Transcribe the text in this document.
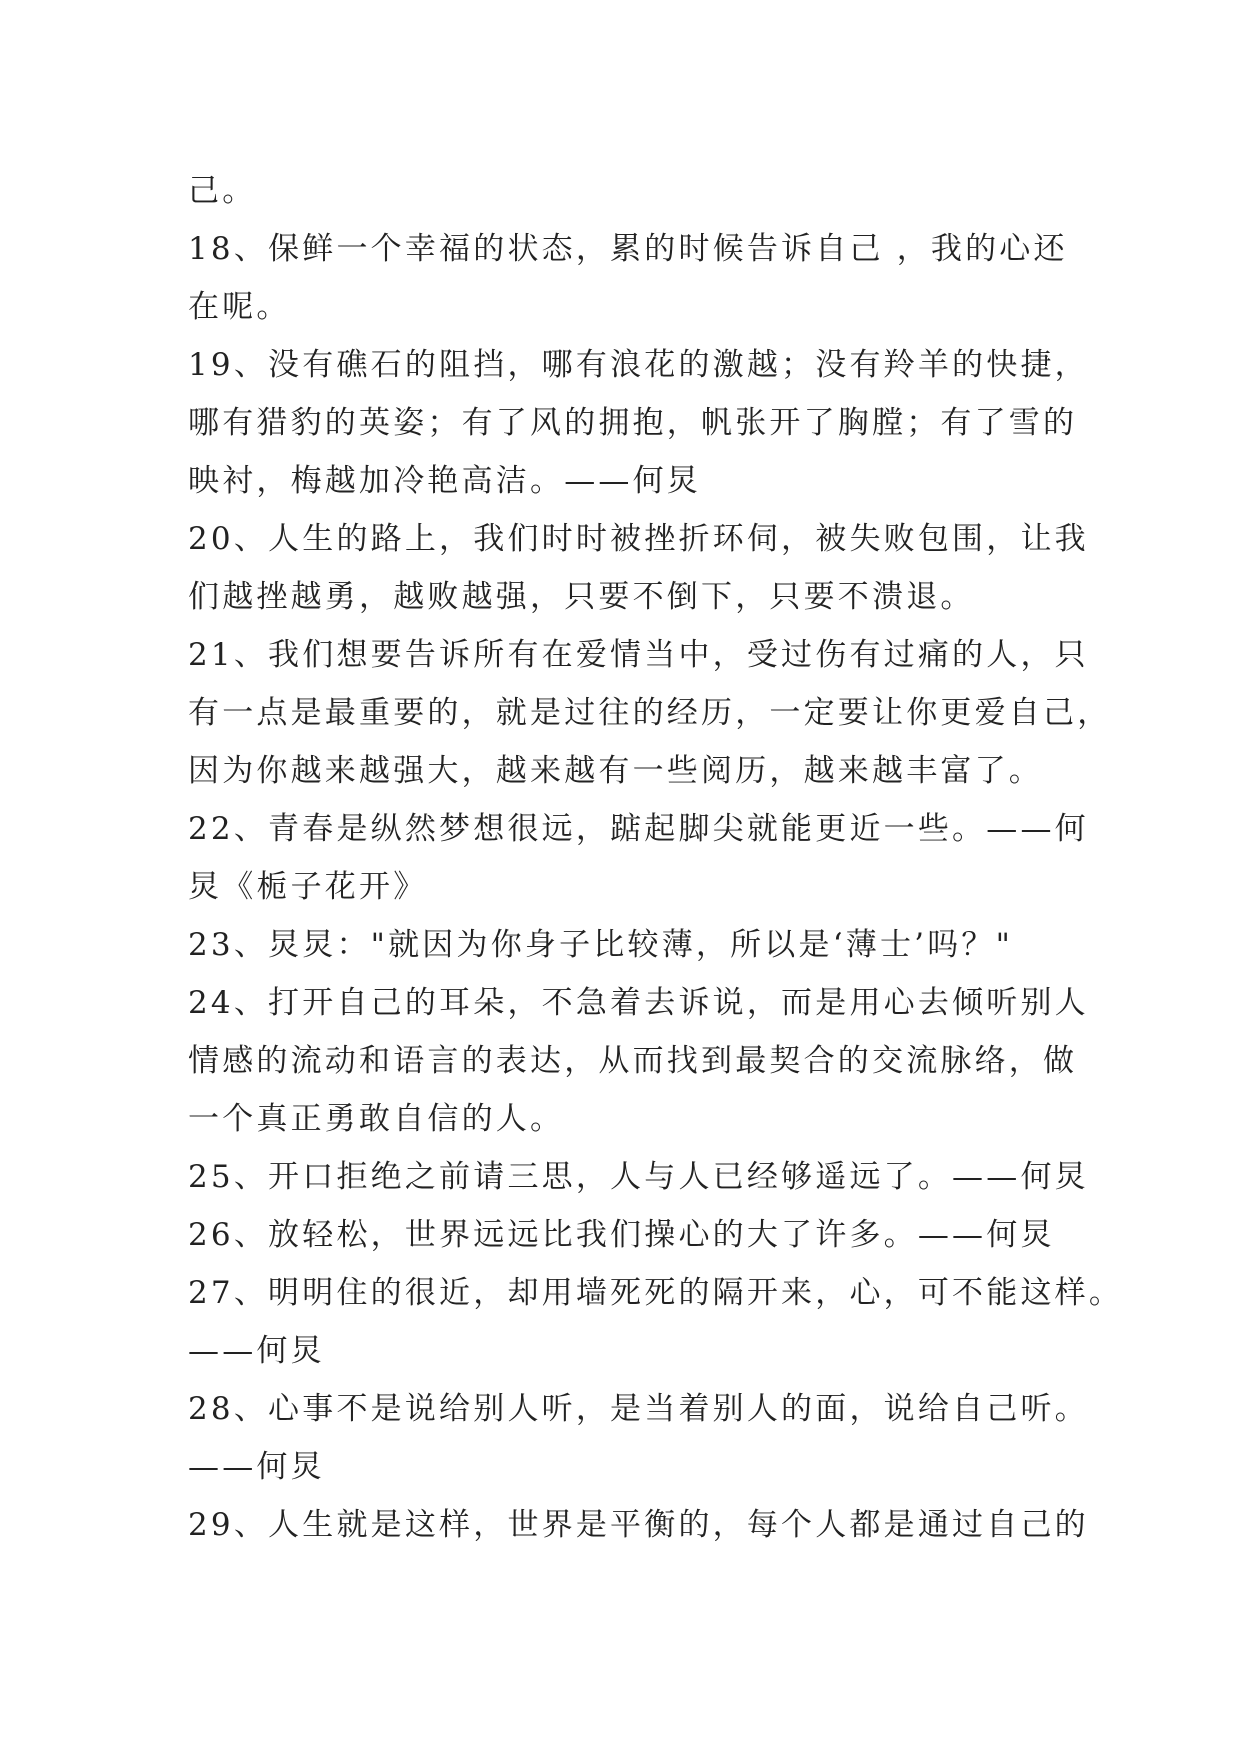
己。
18、保鲜一个幸福的状态，累的时候告诉自己 ，我的心还
在呢。
19、没有礁石的阻挡，哪有浪花的激越；没有羚羊的快捷，
哪有猎豹的英姿；有了风的拥抱，帆张开了胸膛；有了雪的
映衬，梅越加冷艳高洁。——何炅
20、人生的路上，我们时时被挫折环伺，被失败包围，让我
们越挫越勇，越败越强，只要不倒下，只要不溃退。
21、我们想要告诉所有在爱情当中，受过伤有过痛的人，只
有一点是最重要的，就是过往的经历，一定要让你更爱自己，
因为你越来越强大，越来越有一些阅历，越来越丰富了。
22、青春是纵然梦想很远，踮起脚尖就能更近一些。——何
炅《栀子花开》
23、炅炅："就因为你身子比较薄，所以是‘薄士’吗？"
24、打开自己的耳朵，不急着去诉说，而是用心去倾听别人
情感的流动和语言的表达，从而找到最契合的交流脉络，做
一个真正勇敢自信的人。
25、开口拒绝之前请三思，人与人已经够遥远了。——何炅
26、放轻松，世界远远比我们操心的大了许多。——何炅
27、明明住的很近，却用墙死死的隔开来，心，可不能这样。
——何炅
28、心事不是说给别人听，是当着别人的面，说给自己听。
——何炅
29、人生就是这样，世界是平衡的，每个人都是通过自己的
